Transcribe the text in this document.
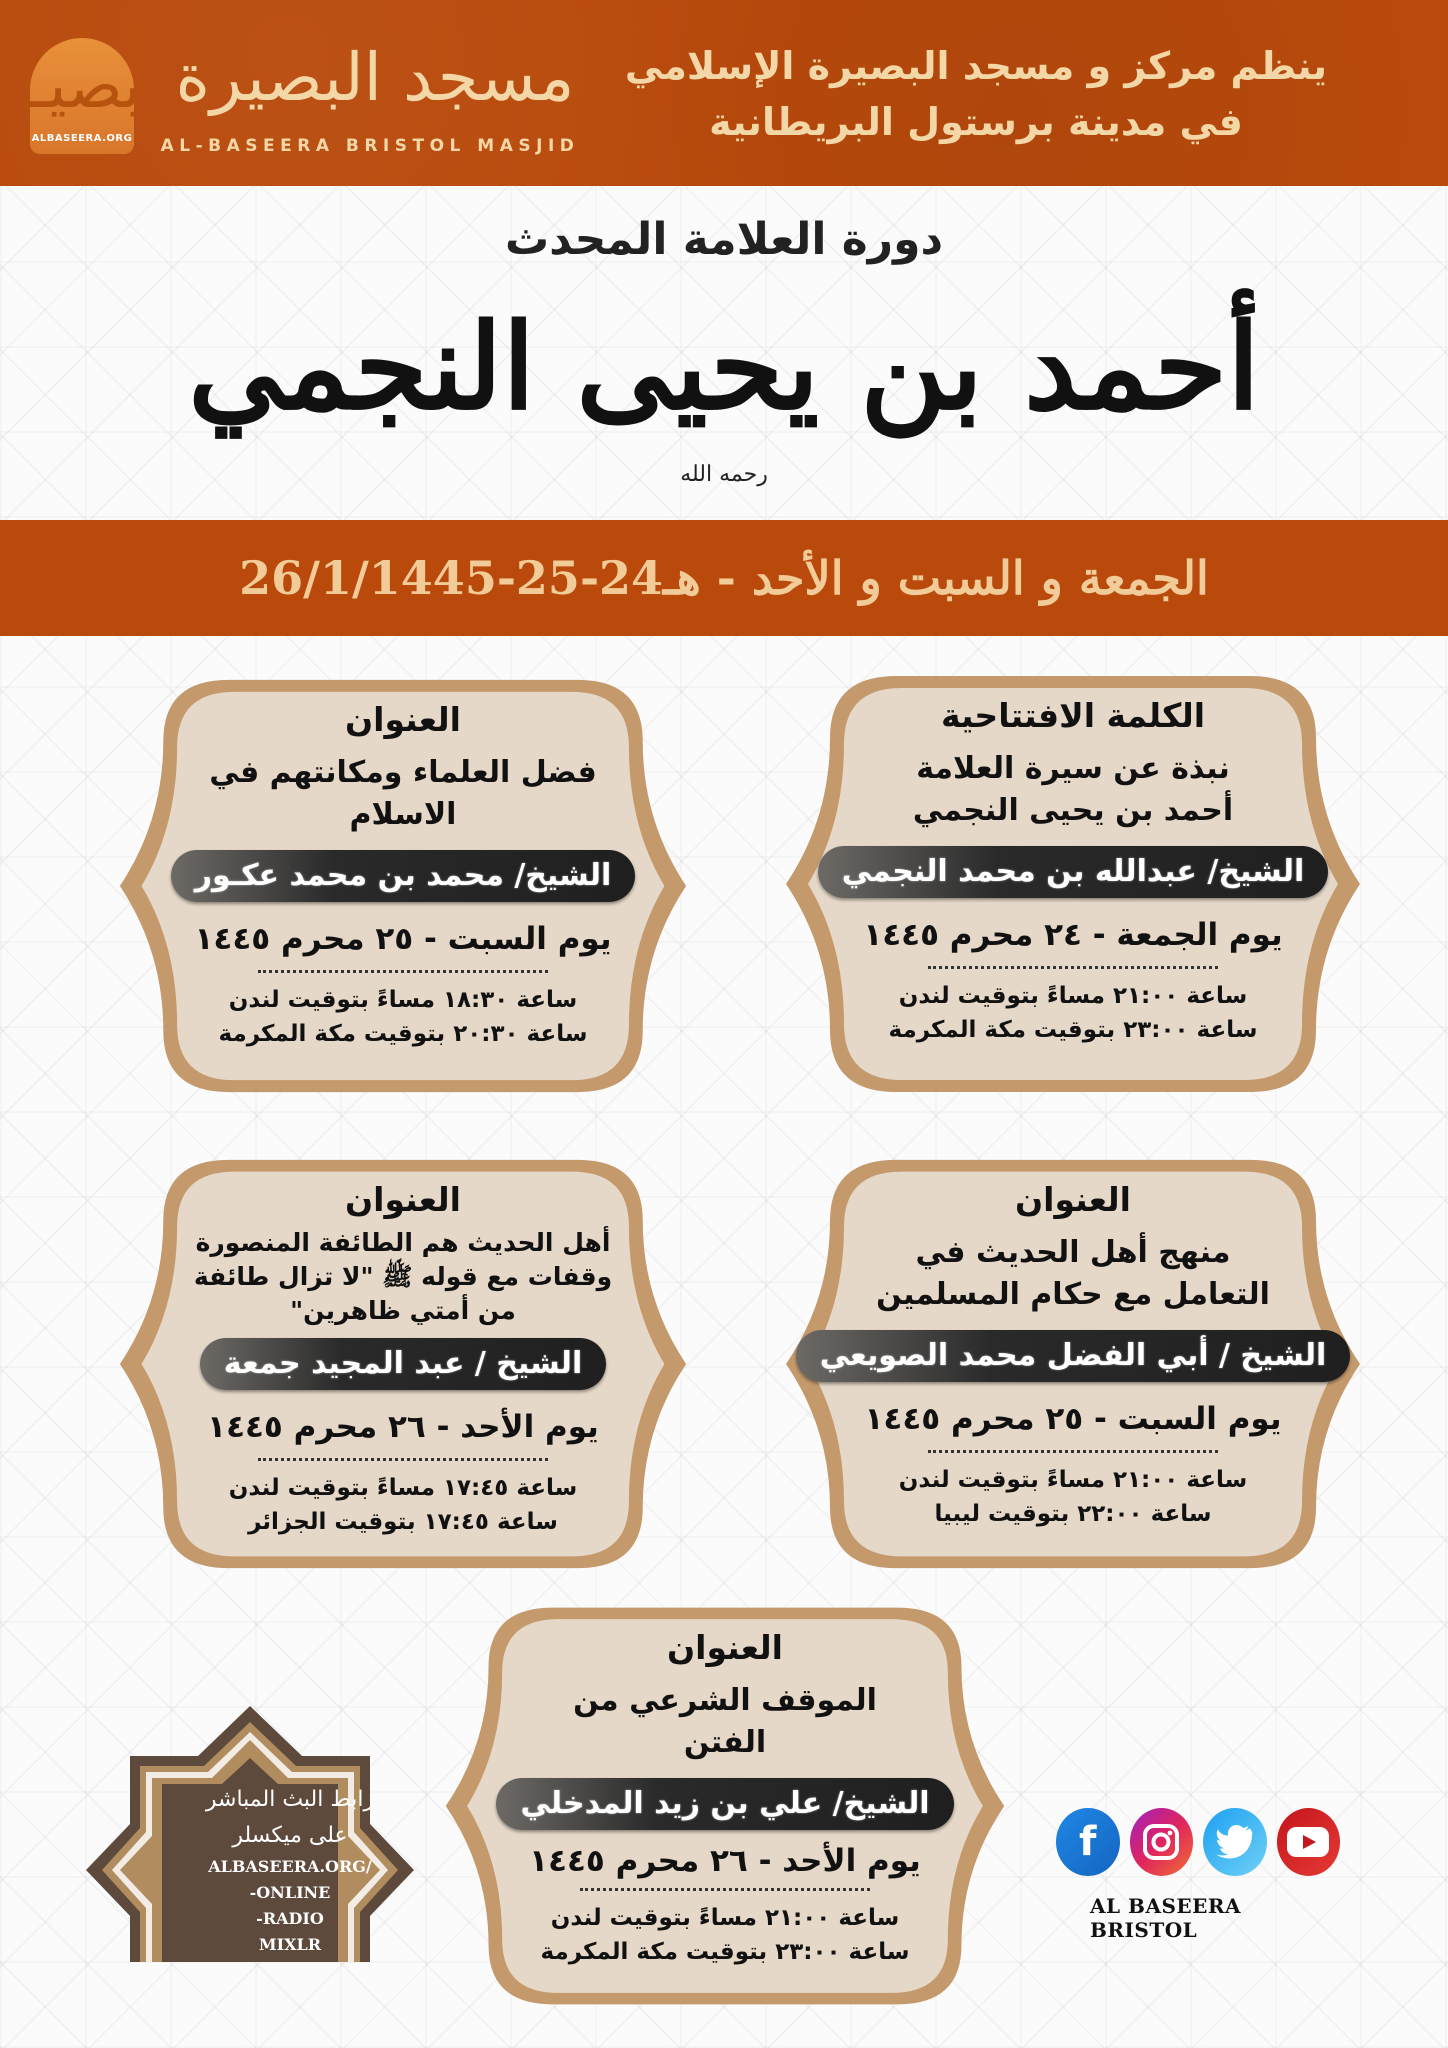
بصيـ
ALBASEERA.ORG
مسجد البصيرة
AL-BASEERA BRISTOL MASJID
ينظم مركز و مسجد البصيرة الإسلامي
في مدينة برستول البريطانية
دورة العلامة المحدث
أحمد بن يحيى النجمي
رحمه الله
الجمعة و السبت و الأحد - هـ24-25-26/1/1445
الكلمة الافتتاحية
نبذة عن سيرة العلامة
أحمد بن يحيى النجمي
الشيخ/ عبدالله بن محمد النجمي
يوم الجمعة - ٢٤ محرم ١٤٤٥
ساعة ٢١:٠٠ مساءً بتوقيت لندن
ساعة ٢٣:٠٠ بتوقيت مكة المكرمة
العنوان
فضل العلماء ومكانتهم في
الاسلام
الشيخ/ محمد بن محمد عكـور
يوم السبت - ٢٥ محرم ١٤٤٥
ساعة ١٨:٣٠ مساءً بتوقيت لندن
ساعة ٢٠:٣٠ بتوقيت مكة المكرمة
العنوان
منهج أهل الحديث في
التعامل مع حكام المسلمين
الشيخ / أبي الفضل محمد الصويعي
يوم السبت - ٢٥ محرم ١٤٤٥
ساعة ٢١:٠٠ مساءً بتوقيت لندن
ساعة ٢٢:٠٠ بتوقيت ليبيا
العنوان
أهل الحديث هم الطائفة المنصورة
وقفات مع قوله ﷺ "لا تزال طائفة
من أمتي ظاهرين"
الشيخ / عبد المجيد جمعة
يوم الأحد - ٢٦ محرم ١٤٤٥
ساعة ١٧:٤٥ مساءً بتوقيت لندن
ساعة ١٧:٤٥ بتوقيت الجزائر
العنوان
الموقف الشرعي من
الفتن
الشيخ/ علي بن زيد المدخلي
يوم الأحد - ٢٦ محرم ١٤٤٥
ساعة ٢١:٠٠ مساءً بتوقيت لندن
ساعة ٢٣:٠٠ بتوقيت مكة المكرمة
رابط البث المباشر
على ميكسلر
ALBASEERA.ORG/
-ONLINE
-RADIO
MIXLR
f
AL BASEERA BRISTOL
